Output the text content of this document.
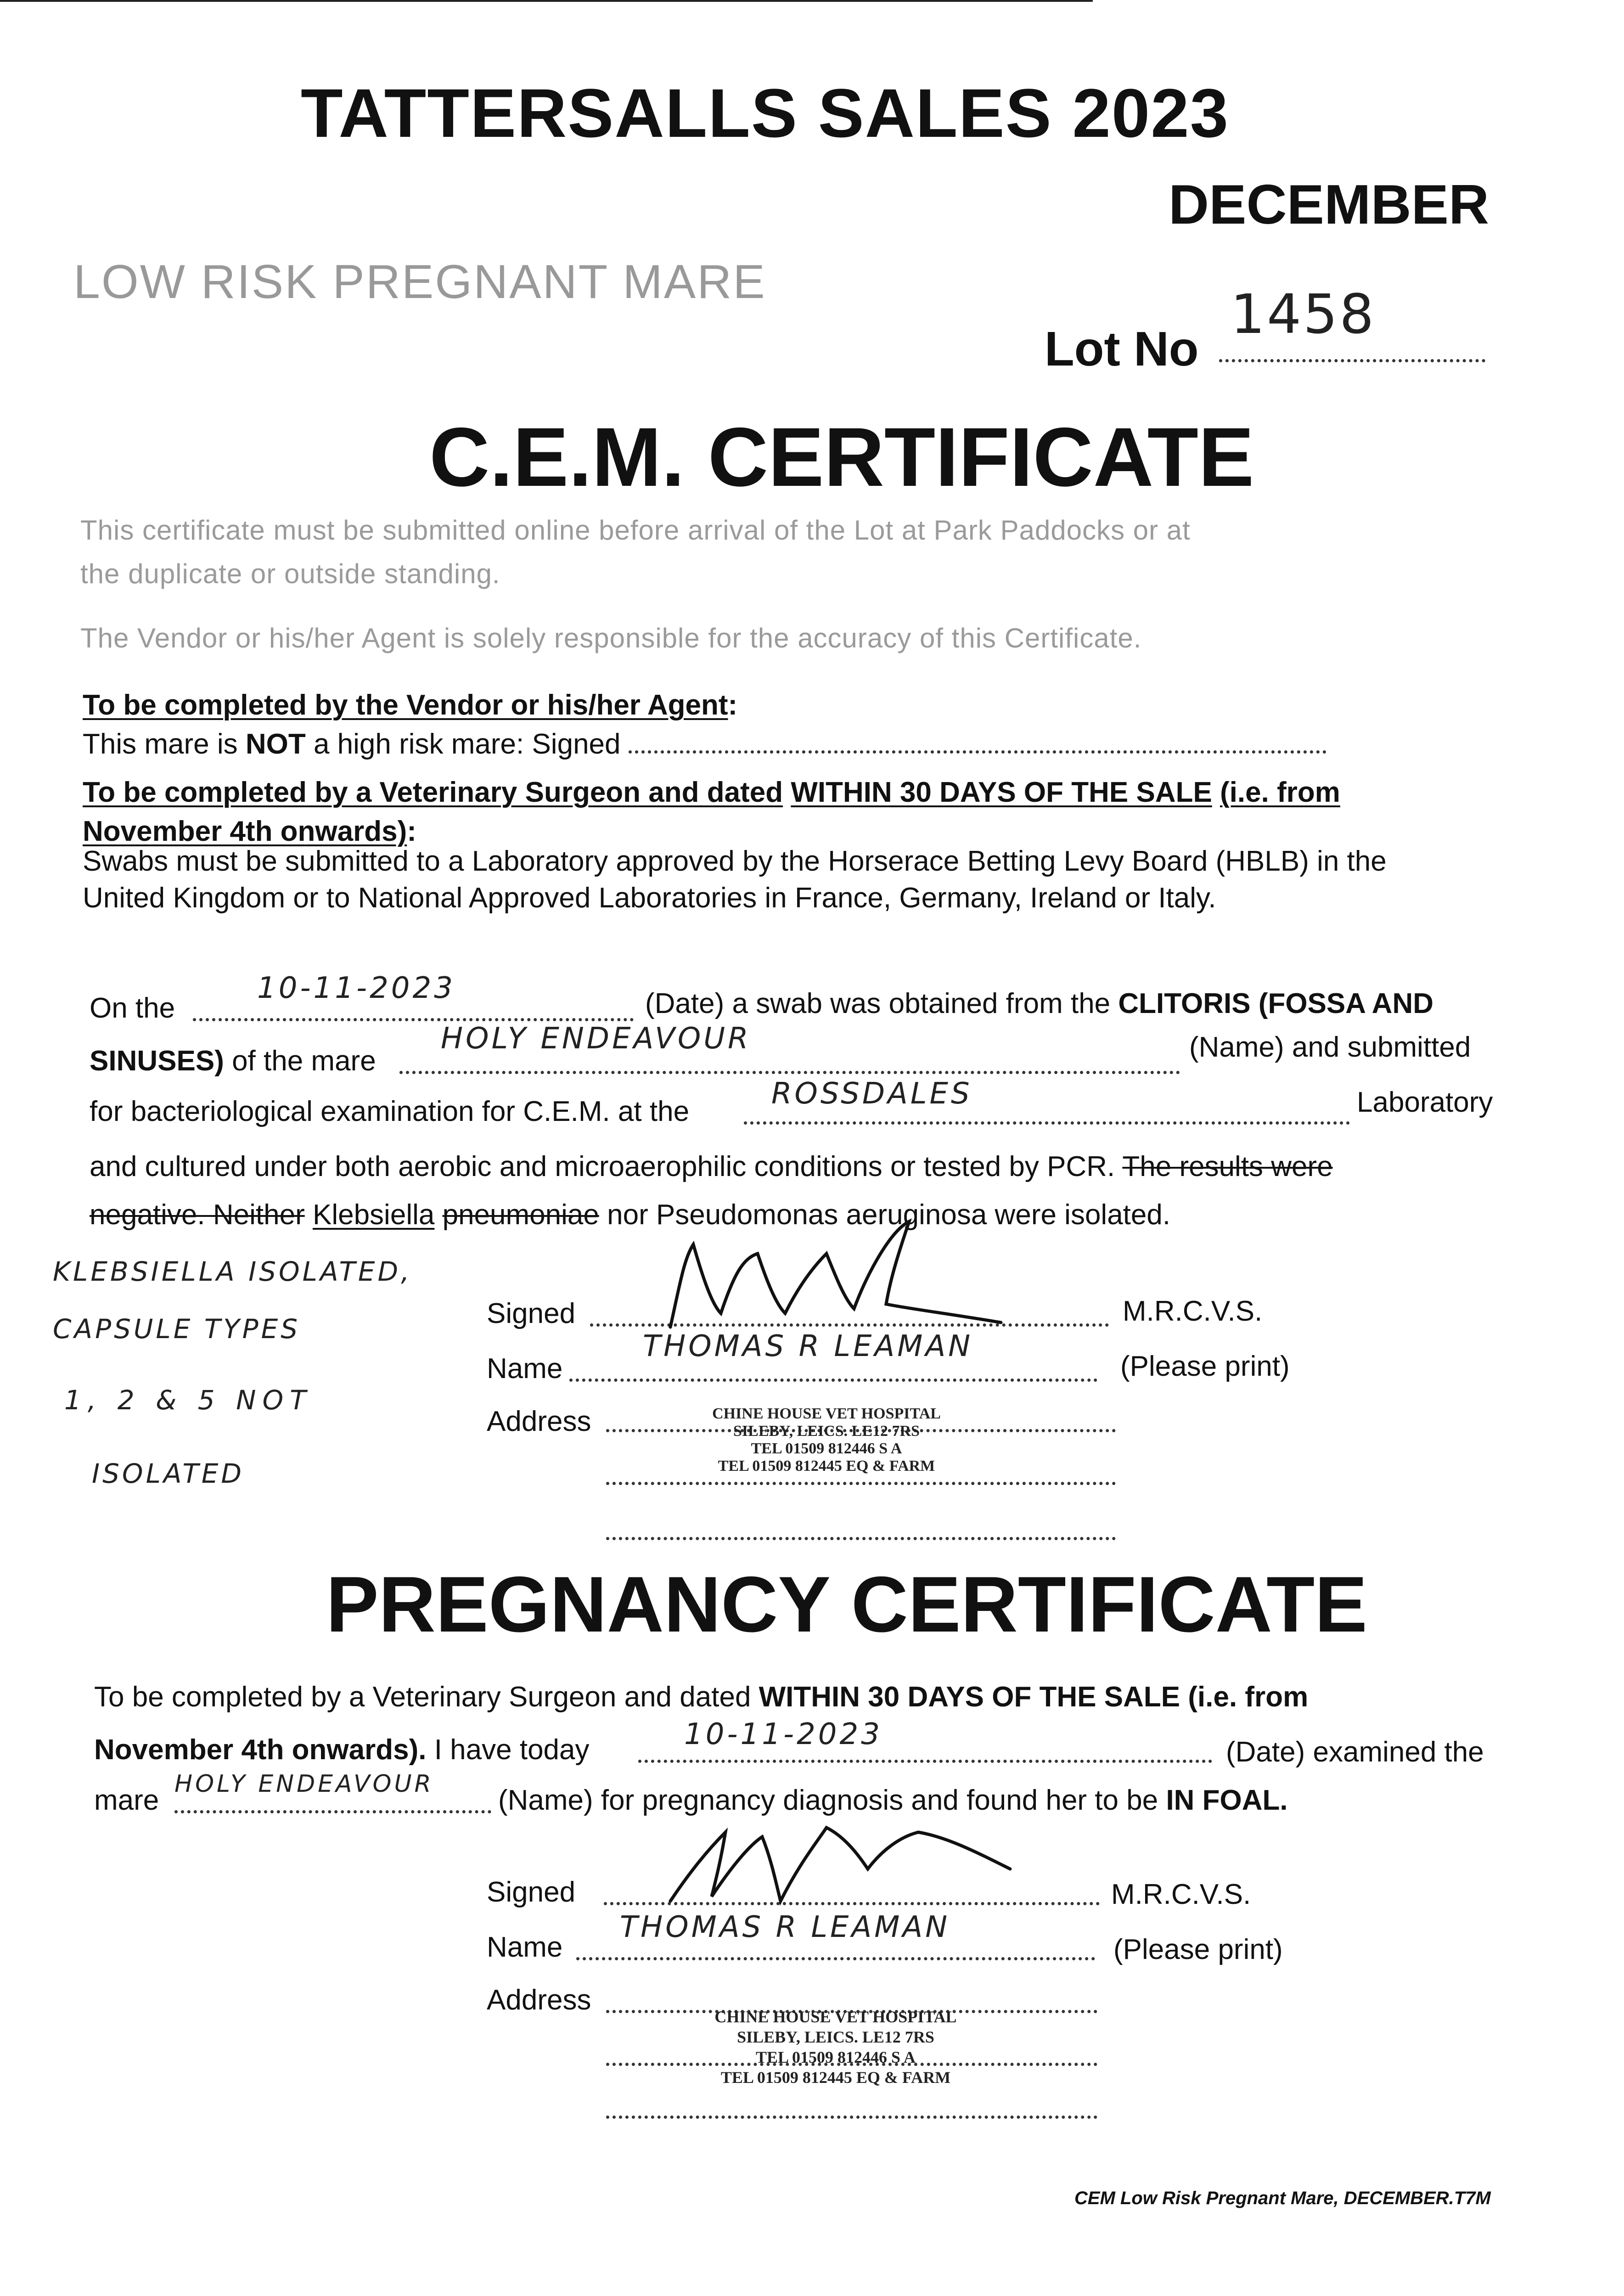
TATTERSALLS SALES 2023
DECEMBER
LOW RISK PREGNANT MARE
Lot No
1458
C.E.M. CERTIFICATE
This certificate must be submitted online before arrival of the Lot at Park Paddocks or at
the duplicate or outside standing.
The Vendor or his/her Agent is solely responsible for the accuracy of this Certificate.
To be completed by the Vendor or his/her Agent:
This mare is NOT a high risk mare: Signed
To be completed by a Veterinary Surgeon and dated WITHIN 30 DAYS OF THE SALE (i.e. from
November 4th onwards):
Swabs must be submitted to a Laboratory approved by the Horserace Betting Levy Board (HBLB) in the
United Kingdom or to National Approved Laboratories in France, Germany, Ireland or Italy.
On the
10-11-2023	(Date) a swab was obtained from the CLITORIS (FOSSA AND
SINUSES) of the mare
HOLY ENDEAVOUR	(Name) and submitted
for bacteriological examination for C.E.M. at the
ROSSDALES	Laboratory
and cultured under both aerobic and microaerophilic conditions or tested by PCR. The results were
negative. Neither Klebsiella pneumoniae nor Pseudomonas aeruginosa were isolated.
KLEBSIELLA ISOLATED,
CAPSULE TYPES
1, 2 & 5 NOT
ISOLATED
Signed	M.R.C.V.S.
Name
THOMAS R LEAMAN
(Please print)
Address	CHINE HOUSE VET HOSPITAL
SILEBY, LEICS. LE12 7RS
TEL 01509 812446 S A
TEL 01509 812445 EQ & FARM
PREGNANCY CERTIFICATE
To be completed by a Veterinary Surgeon and dated WITHIN 30 DAYS OF THE SALE (i.e. from
November 4th onwards). I have today	10-11-2023
(Date) examined the
mare
HOLY ENDEAVOUR
(Name) for pregnancy diagnosis and found her to be IN FOAL.
Signed	M.R.C.V.S.
Name
THOMAS R LEAMAN
(Please print)
Address
CHINE HOUSE VET HOSPITAL
SILEBY, LEICS. LE12 7RS
TEL 01509 812446 S A
TEL 01509 812445 EQ & FARM
CEM Low Risk Pregnant Mare, DECEMBER.T7M
